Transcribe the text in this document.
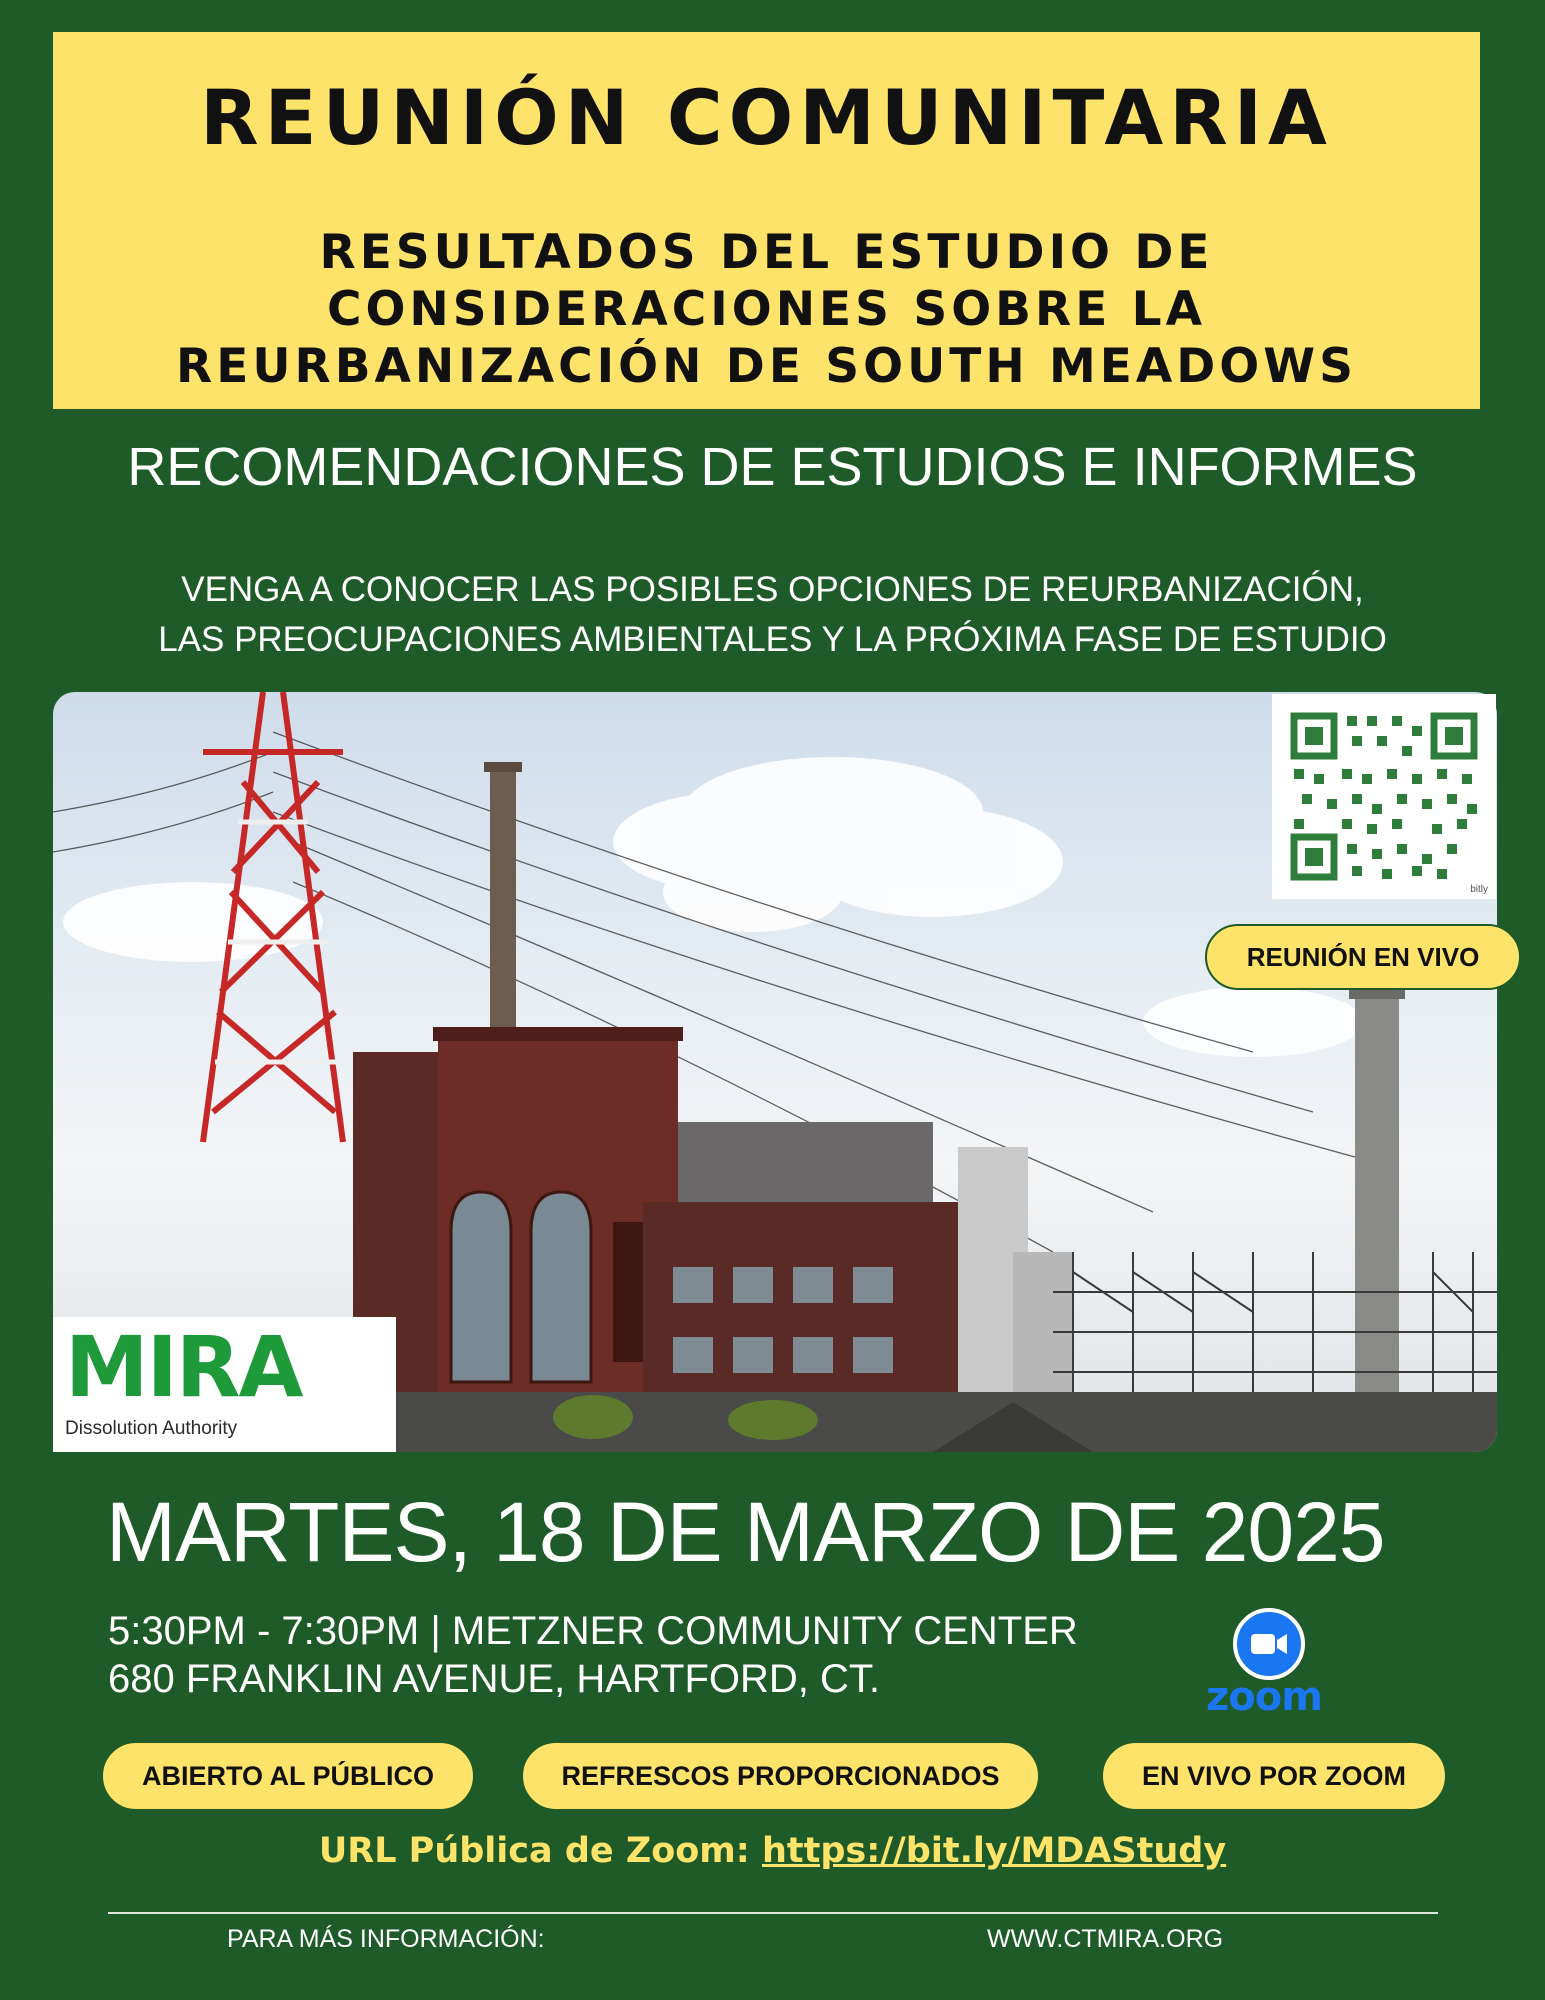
REUNIÓN COMUNITARIA
RESULTADOS DEL ESTUDIO DE
CONSIDERACIONES SOBRE LA
REURBANIZACIÓN DE SOUTH MEADOWS
RECOMENDACIONES DE ESTUDIOS E INFORMES
VENGA A CONOCER LAS POSIBLES OPCIONES DE REURBANIZACIÓN,
LAS PREOCUPACIONES AMBIENTALES Y LA PRÓXIMA FASE DE ESTUDIO
bitly
REUNIÓN EN VIVO
MIRA
Dissolution Authority
MARTES, 18 DE MARZO DE 2025
5:30PM - 7:30PM | METZNER COMMUNITY CENTER
680 FRANKLIN AVENUE, HARTFORD, CT.	zoom
ABIERTO AL PÚBLICO	REFRESCOS PROPORCIONADOS	EN VIVO POR ZOOM
URL Pública de Zoom: https://bit.ly/MDAStudy
PARA MÁS INFORMACIÓN:	WWW.CTMIRA.ORG
